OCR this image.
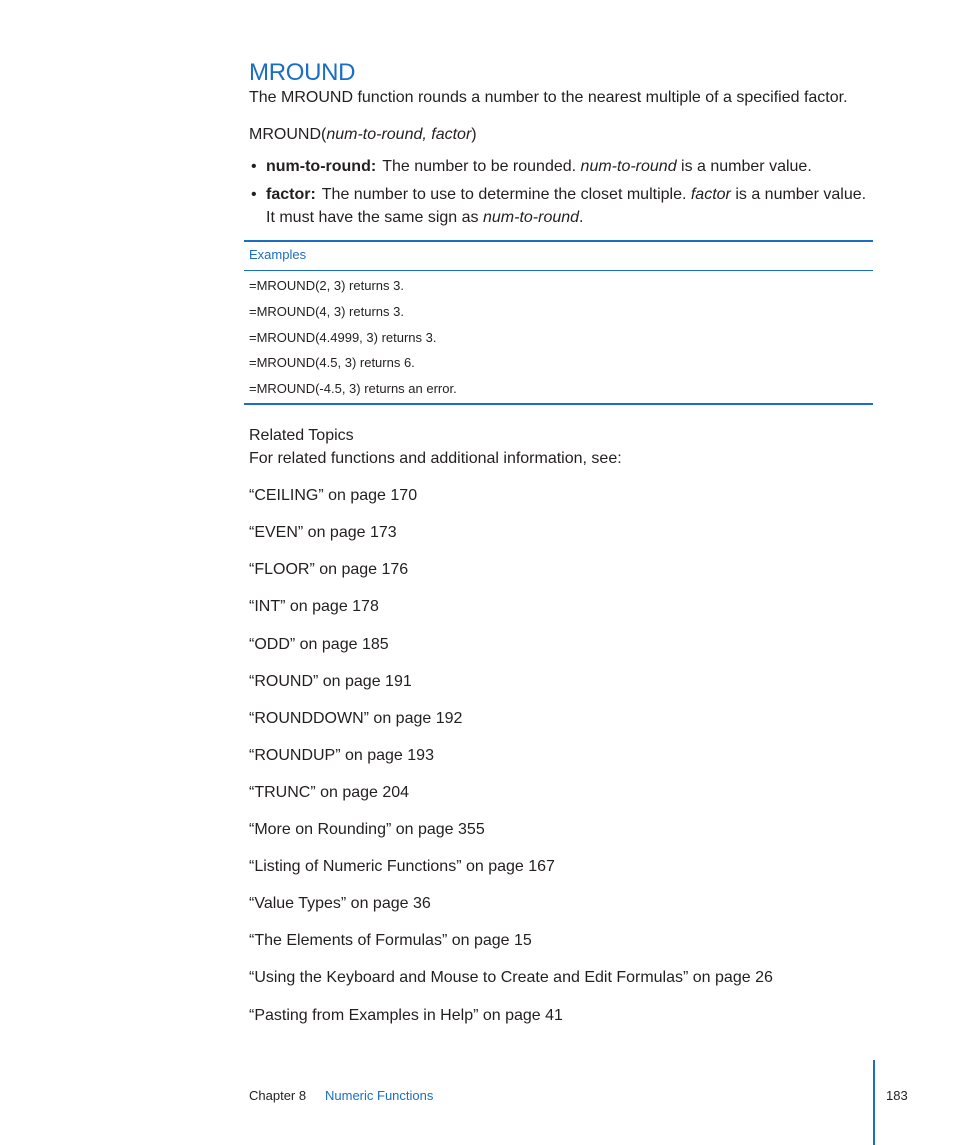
MROUND

The MROUND function rounds a number to the nearest multiple of a specified factor.

MROUND(num-to-round, factor)

• num-to-round: The number to be rounded. num-to-round is a number value.
• factor: The number to use to determine the closet multiple. factor is a number value. It must have the same sign as num-to-round.
Examples
=MROUND(2, 3) returns 3.
=MROUND(4, 3) returns 3.
=MROUND(4.4999, 3) returns 3.
=MROUND(4.5, 3) returns 6.
=MROUND(-4.5, 3) returns an error.
Related Topics

For related functions and additional information, see:

“CEILING” on page 170
“EVEN” on page 173
“FLOOR” on page 176
“INT” on page 178
“ODD” on page 185
“ROUND” on page 191
“ROUNDDOWN” on page 192
“ROUNDUP” on page 193
“TRUNC” on page 204
“More on Rounding” on page 355
“Listing of Numeric Functions” on page 167
“Value Types” on page 36
“The Elements of Formulas” on page 15
“Using the Keyboard and Mouse to Create and Edit Formulas” on page 26
“Pasting from Examples in Help” on page 41
Chapter 8 Numeric Functions	183
